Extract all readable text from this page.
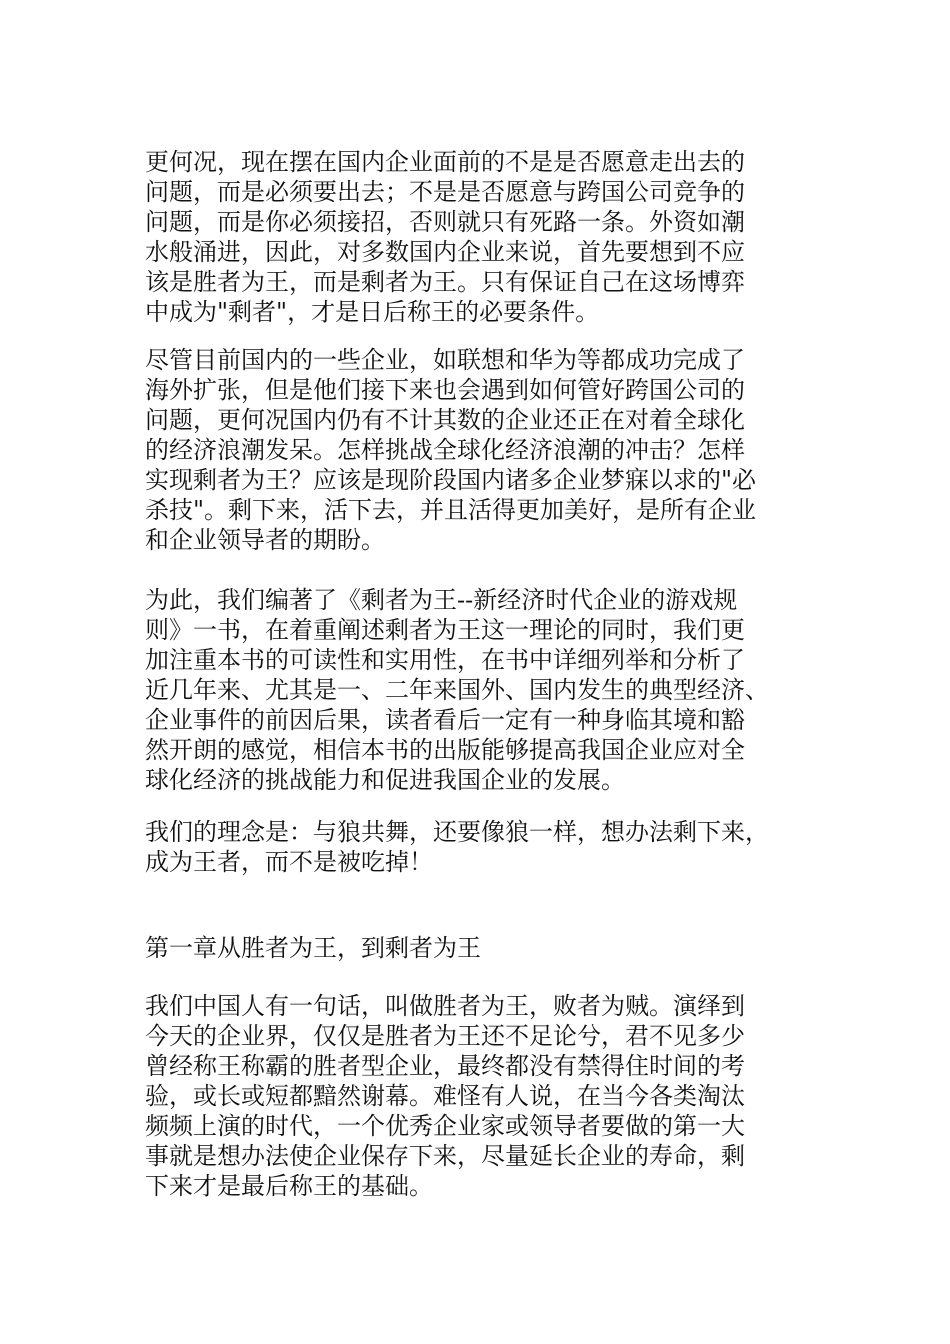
更何况，现在摆在国内企业面前的不是是否愿意走出去的
问题，而是必须要出去；不是是否愿意与跨国公司竞争的
问题，而是你必须接招，否则就只有死路一条。外资如潮
水般涌进，因此，对多数国内企业来说，首先要想到不应
该是胜者为王，而是剩者为王。只有保证自己在这场博弈
中成为"剩者"，才是日后称王的必要条件。

尽管目前国内的一些企业，如联想和华为等都成功完成了
海外扩张，但是他们接下来也会遇到如何管好跨国公司的
问题，更何况国内仍有不计其数的企业还正在对着全球化
的经济浪潮发呆。怎样挑战全球化经济浪潮的冲击？怎样
实现剩者为王？应该是现阶段国内诸多企业梦寐以求的"必
杀技"。剩下来，活下去，并且活得更加美好，是所有企业
和企业领导者的期盼。

为此，我们编著了《剩者为王--新经济时代企业的游戏规
则》一书，在着重阐述剩者为王这一理论的同时，我们更
加注重本书的可读性和实用性，在书中详细列举和分析了
近几年来、尤其是一、二年来国外、国内发生的典型经济、
企业事件的前因后果，读者看后一定有一种身临其境和豁
然开朗的感觉，相信本书的出版能够提高我国企业应对全
球化经济的挑战能力和促进我国企业的发展。

我们的理念是：与狼共舞，还要像狼一样，想办法剩下来，
成为王者，而不是被吃掉！

第一章从胜者为王，到剩者为王

我们中国人有一句话，叫做胜者为王，败者为贼。演绎到
今天的企业界，仅仅是胜者为王还不足论兮，君不见多少
曾经称王称霸的胜者型企业，最终都没有禁得住时间的考
验，或长或短都黯然谢幕。难怪有人说，在当今各类淘汰
频频上演的时代，一个优秀企业家或领导者要做的第一大
事就是想办法使企业保存下来，尽量延长企业的寿命，剩
下来才是最后称王的基础。
